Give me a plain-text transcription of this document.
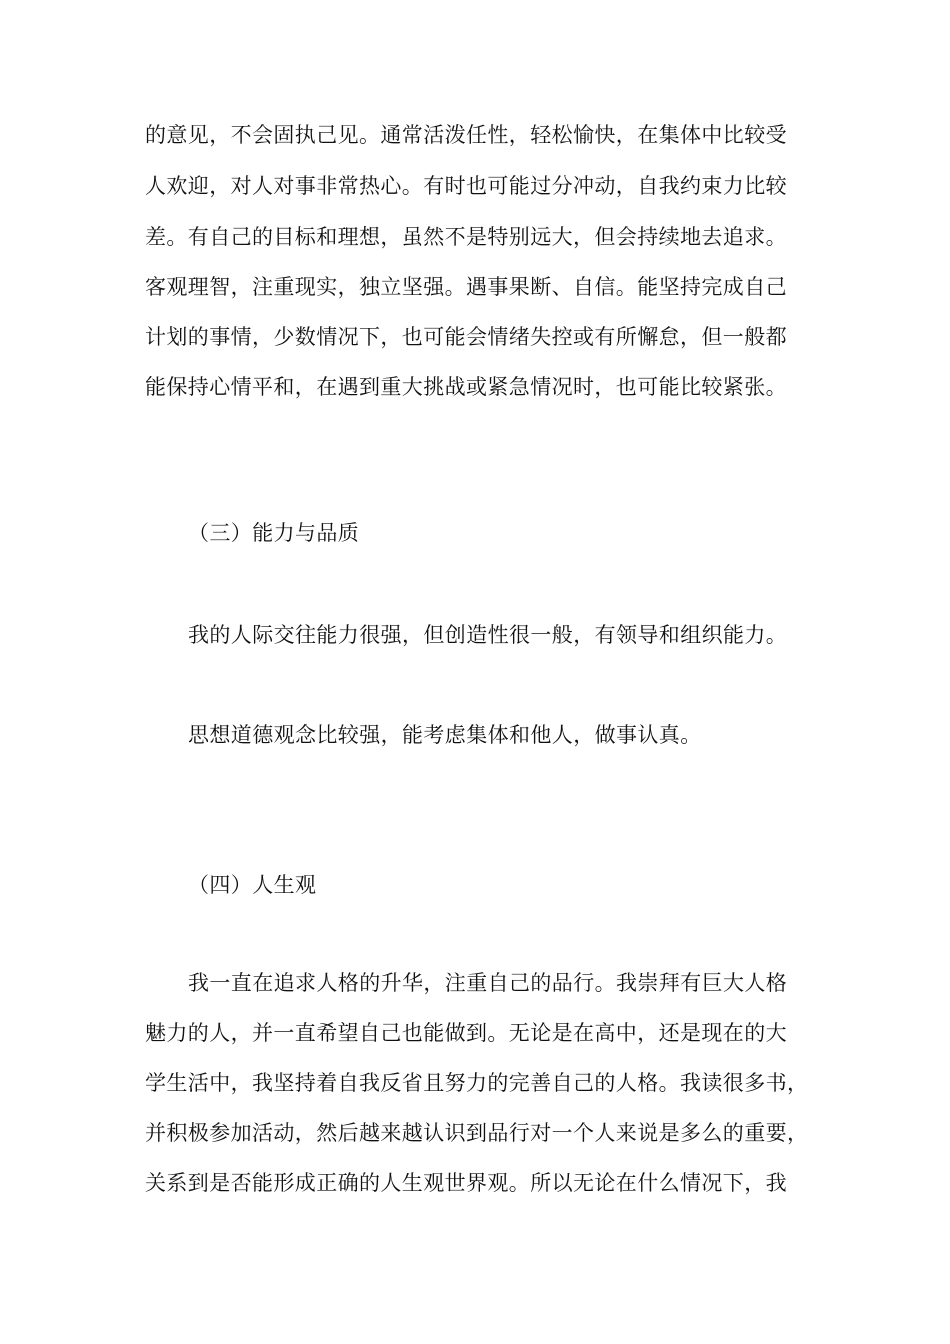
的意见，不会固执己见。通常活泼任性，轻松愉快，在集体中比较受
人欢迎，对人对事非常热心。有时也可能过分冲动，自我约束力比较
差。有自己的目标和理想，虽然不是特别远大，但会持续地去追求。
客观理智，注重现实，独立坚强。遇事果断、自信。能坚持完成自己
计划的事情，少数情况下，也可能会情绪失控或有所懈怠，但一般都
能保持心情平和，在遇到重大挑战或紧急情况时，也可能比较紧张。
（三）能力与品质
我的人际交往能力很强，但创造性很一般，有领导和组织能力。
思想道德观念比较强，能考虑集体和他人，做事认真。
（四）人生观
我一直在追求人格的升华，注重自己的品行。我崇拜有巨大人格
魅力的人，并一直希望自己也能做到。无论是在高中，还是现在的大
学生活中，我坚持着自我反省且努力的完善自己的人格。我读很多书，
并积极参加活动，然后越来越认识到品行对一个人来说是多么的重要，
关系到是否能形成正确的人生观世界观。所以无论在什么情况下，我
